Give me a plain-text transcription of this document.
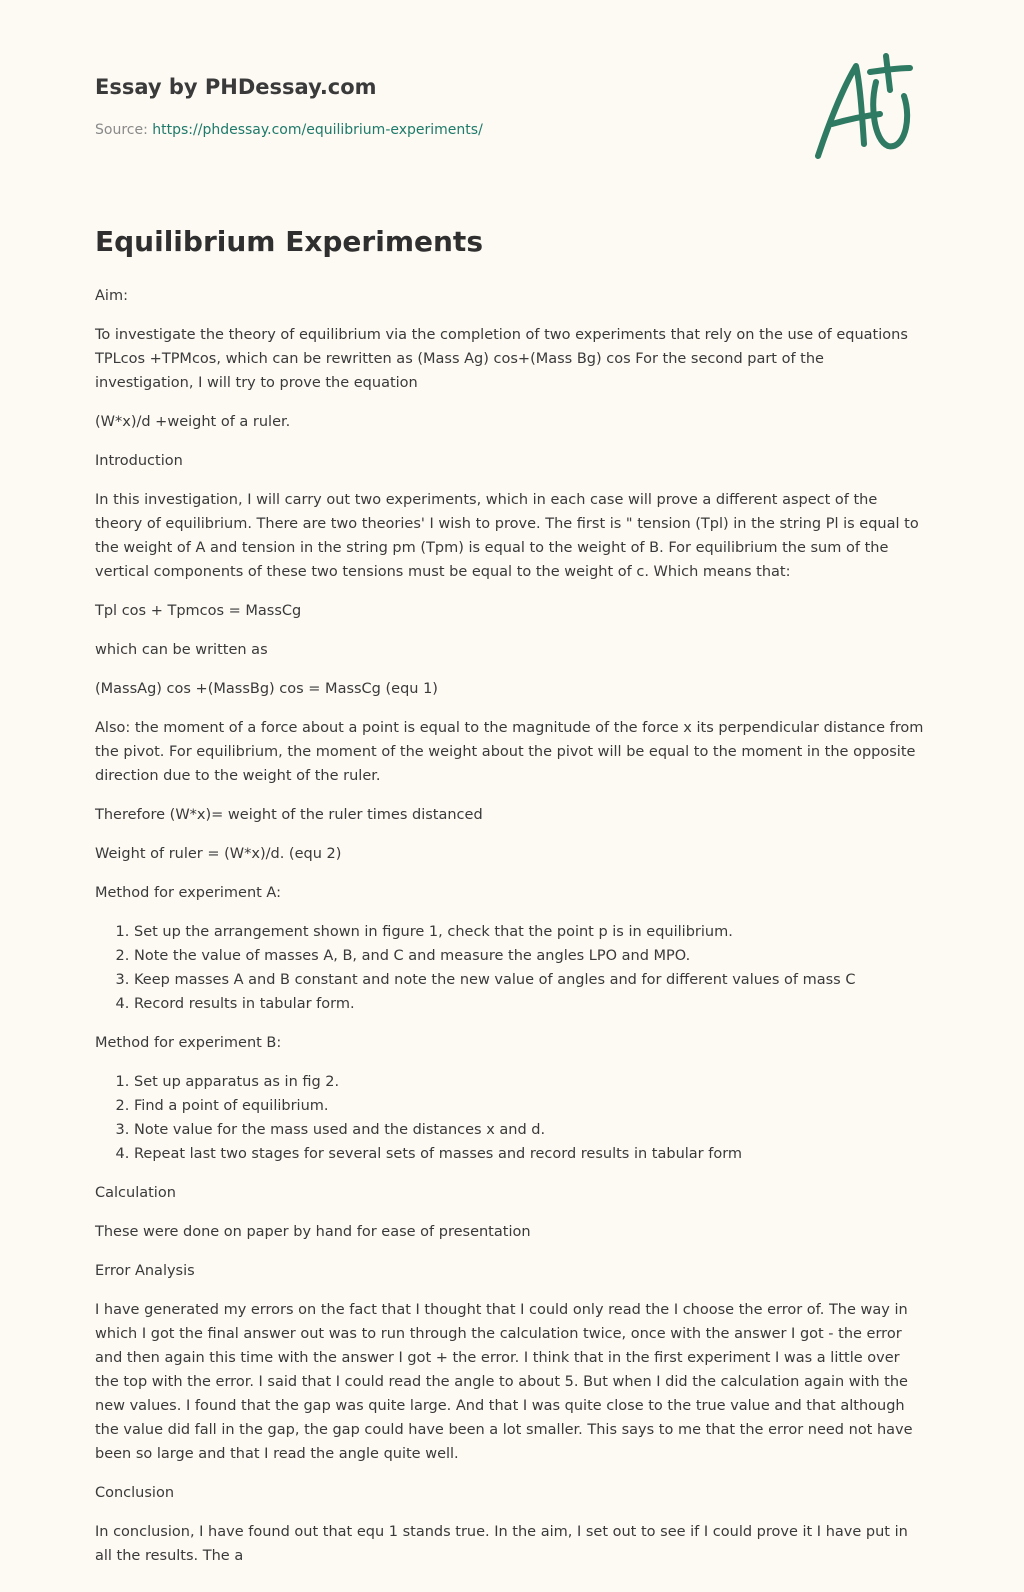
Essay by PHDessay.com

Source: https://phdessay.com/equilibrium-experiments/
Equilibrium Experiments

Aim:

To investigate the theory of equilibrium via the completion of two experiments that rely on the use of equations TPLcos +TPMcos, which can be rewritten as (Mass Ag) cos+(Mass Bg) cos For the second part of the investigation, I will try to prove the equation

(W*x)/d +weight of a ruler.

Introduction

In this investigation, I will carry out two experiments, which in each case will prove a different aspect of the theory of equilibrium. There are two theories' I wish to prove. The first is " tension (Tpl) in the string Pl is equal to the weight of A and tension in the string pm (Tpm) is equal to the weight of B. For equilibrium the sum of the vertical components of these two tensions must be equal to the weight of c. Which means that:

Tpl cos + Tpmcos = MassCg

which can be written as

(MassAg) cos +(MassBg) cos = MassCg (equ 1)

Also: the moment of a force about a point is equal to the magnitude of the force x its perpendicular distance from the pivot. For equilibrium, the moment of the weight about the pivot will be equal to the moment in the opposite direction due to the weight of the ruler.

Therefore (W*x)= weight of the ruler times distanced

Weight of ruler = (W*x)/d. (equ 2)

Method for experiment A:

1. Set up the arrangement shown in figure 1, check that the point p is in equilibrium.
2. Note the value of masses A, B, and C and measure the angles LPO and MPO.
3. Keep masses A and B constant and note the new value of angles and for different values of mass C
4. Record results in tabular form.

Method for experiment B:

1. Set up apparatus as in fig 2.
2. Find a point of equilibrium.
3. Note value for the mass used and the distances x and d.
4. Repeat last two stages for several sets of masses and record results in tabular form

Calculation

These were done on paper by hand for ease of presentation

Error Analysis

I have generated my errors on the fact that I thought that I could only read the I choose the error of. The way in which I got the final answer out was to run through the calculation twice, once with the answer I got - the error and then again this time with the answer I got + the error. I think that in the first experiment I was a little over the top with the error. I said that I could read the angle to about 5. But when I did the calculation again with the new values. I found that the gap was quite large. And that I was quite close to the true value and that although the value did fall in the gap, the gap could have been a lot smaller. This says to me that the error need not have been so large and that I read the angle quite well.

Conclusion

In conclusion, I have found out that equ 1 stands true. In the aim, I set out to see if I could prove it I have put in all the results. The a
